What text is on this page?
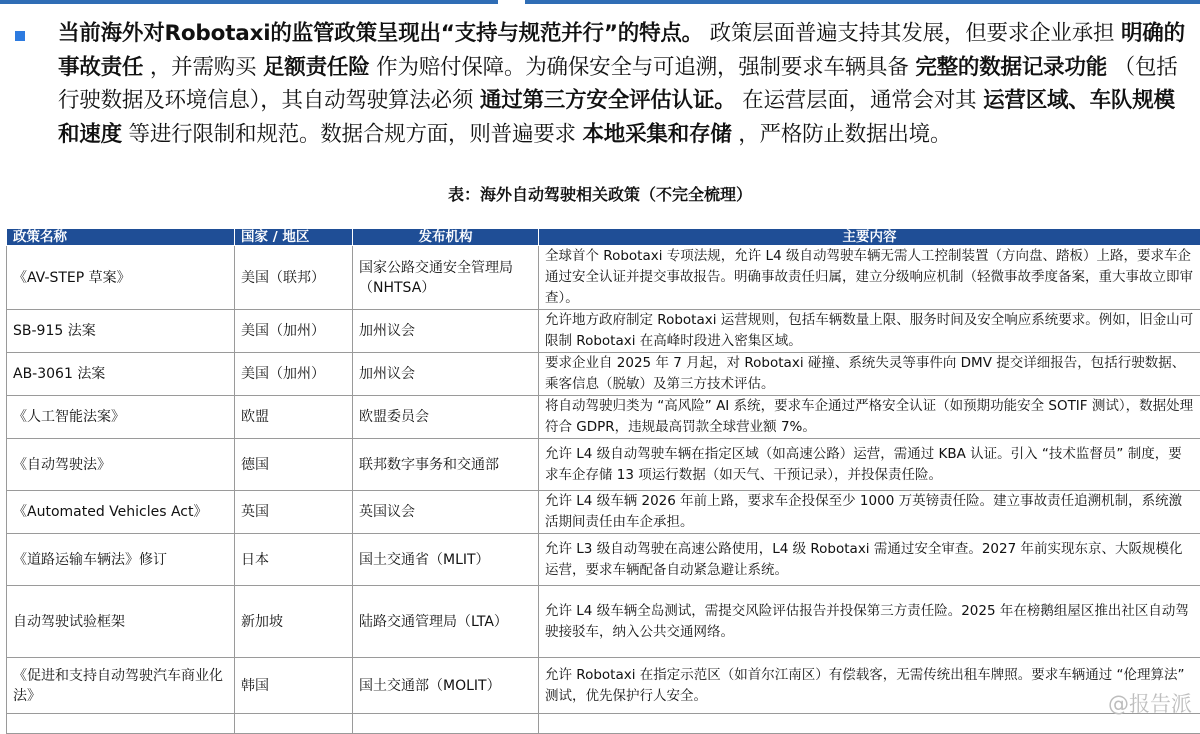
当前海外对Robotaxi的监管政策呈现出“支持与规范并行”的特点。 政策层面普遍支持其发展，但要求企业承担 明确的事故责任 ，并需购买 足额责任险 作为赔付保障。为确保安全与可追溯，强制要求车辆具备 完整的数据记录功能 （包括行驶数据及环境信息），其自动驾驶算法必须 通过第三方安全评估认证。 在运营层面，通常会对其 运营区域、车队规模和速度 等进行限制和规范。数据合规方面，则普遍要求 本地采集和存储 ，严格防止数据出境。
表：海外自动驾驶相关政策（不完全梳理）
政策名称	国家 / 地区	发布机构	主要内容
《AV-STEP 草案》	美国（联邦）	国家公路交通安全管理局（NHTSA）	全球首个 Robotaxi 专项法规，允许 L4 级自动驾驶车辆无需人工控制装置（方向盘、踏板）上路，要求车企通过安全认证并提交事故报告。明确事故责任归属，建立分级响应机制（轻微事故季度备案，重大事故立即审查）。
SB-915 法案	美国（加州）	加州议会	允许地方政府制定 Robotaxi 运营规则，包括车辆数量上限、服务时间及安全响应系统要求。例如，旧金山可限制 Robotaxi 在高峰时段进入密集区域。
AB-3061 法案	美国（加州）	加州议会	要求企业自 2025 年 7 月起，对 Robotaxi 碰撞、系统失灵等事件向 DMV 提交详细报告，包括行驶数据、乘客信息（脱敏）及第三方技术评估。
《人工智能法案》	欧盟	欧盟委员会	将自动驾驶归类为 “高风险” AI 系统，要求车企通过严格安全认证（如预期功能安全 SOTIF 测试），数据处理符合 GDPR，违规最高罚款全球营业额 7%。
《自动驾驶法》	德国	联邦数字事务和交通部	允许 L4 级自动驾驶车辆在指定区域（如高速公路）运营，需通过 KBA 认证。引入 “技术监督员” 制度，要求车企存储 13 项运行数据（如天气、干预记录），并投保责任险。
《Automated Vehicles Act》	英国	英国议会	允许 L4 级车辆 2026 年前上路，要求车企投保至少 1000 万英镑责任险。建立事故责任追溯机制，系统激活期间责任由车企承担。
《道路运输车辆法》修订	日本	国土交通省（MLIT）	允许 L3 级自动驾驶在高速公路使用，L4 级 Robotaxi 需通过安全审查。2027 年前实现东京、大阪规模化运营，要求车辆配备自动紧急避让系统。
自动驾驶试验框架	新加坡	陆路交通管理局（LTA）	允许 L4 级车辆全岛测试，需提交风险评估报告并投保第三方责任险。2025 年在榜鹅组屋区推出社区自动驾驶接驳车，纳入公共交通网络。
《促进和支持自动驾驶汽车商业化法》	韩国	国土交通部（MOLIT）	允许 Robotaxi 在指定示范区（如首尔江南区）有偿载客，无需传统出租车牌照。要求车辆通过 “伦理算法” 测试，优先保护行人安全。
				@报告派
